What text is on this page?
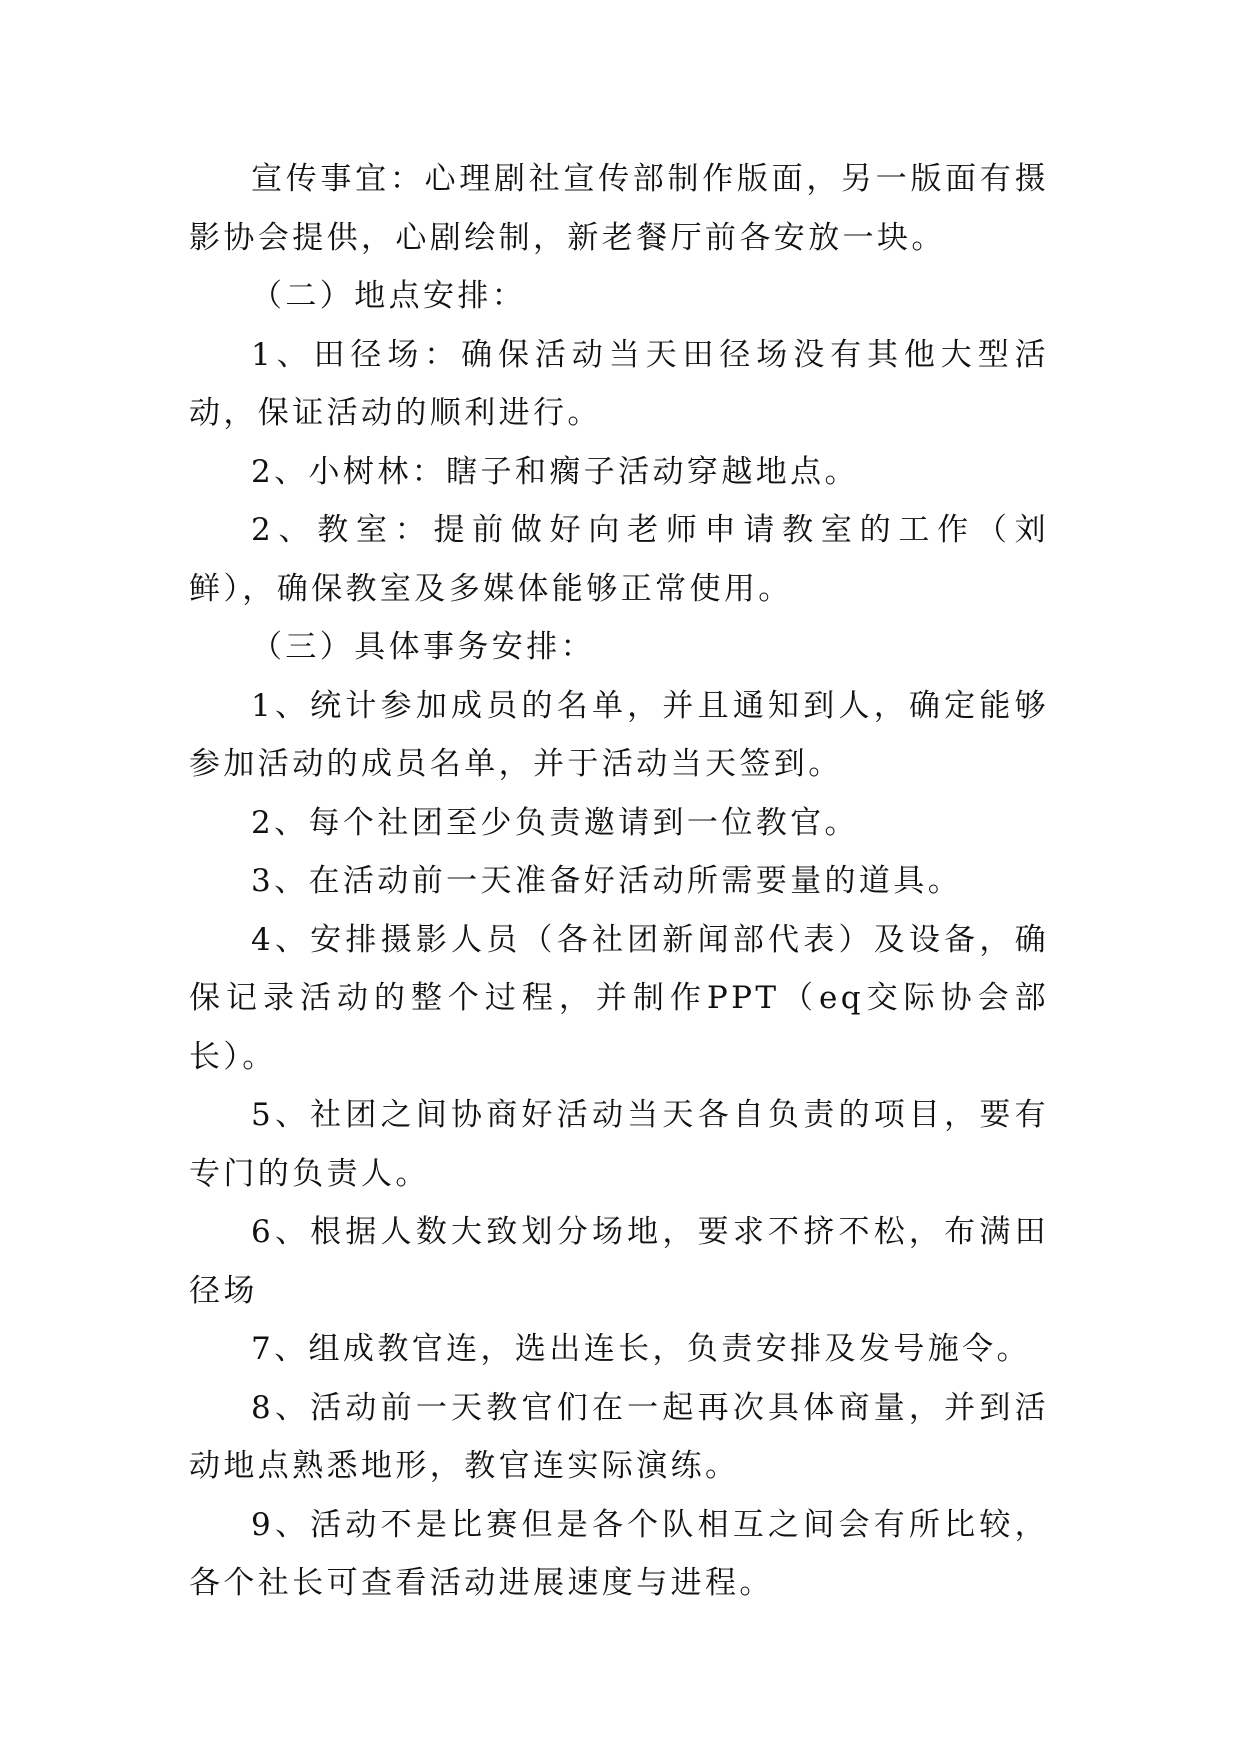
宣传事宜：心理剧社宣传部制作版面，另一版面有摄影协会提供，心剧绘制，新老餐厅前各安放一块。

（二）地点安排：

1、田径场：确保活动当天田径场没有其他大型活动，保证活动的顺利进行。

2、小树林：瞎子和瘸子活动穿越地点。

2、教室：提前做好向老师申请教室的工作（刘鲜），确保教室及多媒体能够正常使用。

（三）具体事务安排：

1、统计参加成员的名单，并且通知到人，确定能够参加活动的成员名单，并于活动当天签到。

2、每个社团至少负责邀请到一位教官。

3、在活动前一天准备好活动所需要量的道具。

4、安排摄影人员（各社团新闻部代表）及设备，确保记录活动的整个过程，并制作PPT（eq交际协会部长）。

5、社团之间协商好活动当天各自负责的项目，要有专门的负责人。

6、根据人数大致划分场地，要求不挤不松，布满田径场

7、组成教官连，选出连长，负责安排及发号施令。

8、活动前一天教官们在一起再次具体商量，并到活动地点熟悉地形，教官连实际演练。

9、活动不是比赛但是各个队相互之间会有所比较，各个社长可查看活动进展速度与进程。
